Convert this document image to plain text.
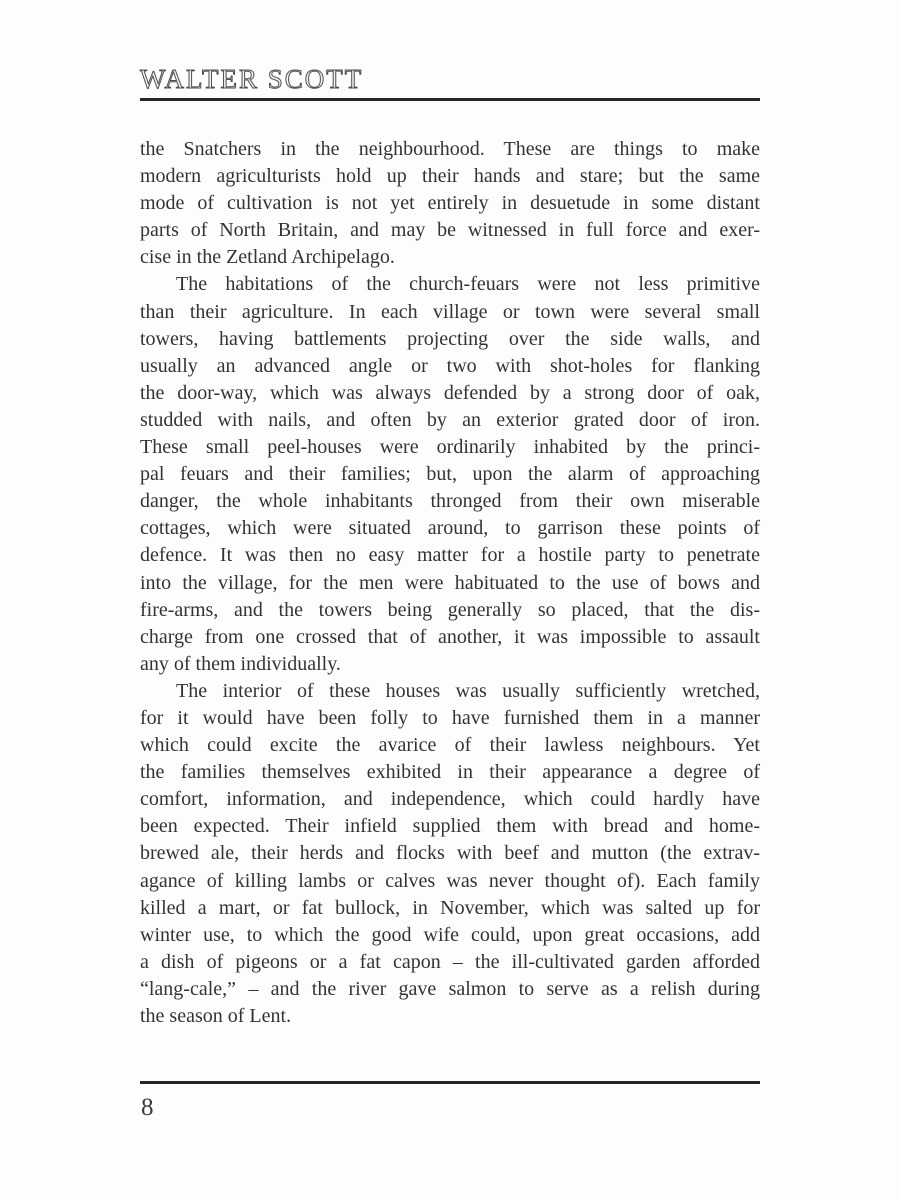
WALTER SCOTT
the Snatchers in the neighbourhood. These are things to make
modern agriculturists hold up their hands and stare; but the same
mode of cultivation is not yet entirely in desuetude in some distant
parts of North Britain, and may be witnessed in full force and exer-
cise in the Zetland Archipelago.
The habitations of the church-feuars were not less primitive
than their agriculture. In each village or town were several small
towers, having battlements projecting over the side walls, and
usually an advanced angle or two with shot-holes for flanking
the door-way, which was always defended by a strong door of oak,
studded with nails, and often by an exterior grated door of iron.
These small peel-houses were ordinarily inhabited by the princi-
pal feuars and their families; but, upon the alarm of approaching
danger, the whole inhabitants thronged from their own miserable
cottages, which were situated around, to garrison these points of
defence. It was then no easy matter for a hostile party to penetrate
into the village, for the men were habituated to the use of bows and
fire-arms, and the towers being generally so placed, that the dis-
charge from one crossed that of another, it was impossible to assault
any of them individually.
The interior of these houses was usually sufficiently wretched,
for it would have been folly to have furnished them in a manner
which could excite the avarice of their lawless neighbours. Yet
the families themselves exhibited in their appearance a degree of
comfort, information, and independence, which could hardly have
been expected. Their infield supplied them with bread and home-
brewed ale, their herds and flocks with beef and mutton (the extrav-
agance of killing lambs or calves was never thought of). Each family
killed a mart, or fat bullock, in November, which was salted up for
winter use, to which the good wife could, upon great occasions, add
a dish of pigeons or a fat capon – the ill-cultivated garden afforded
“lang-cale,” – and the river gave salmon to serve as a relish during
the season of Lent.
8
